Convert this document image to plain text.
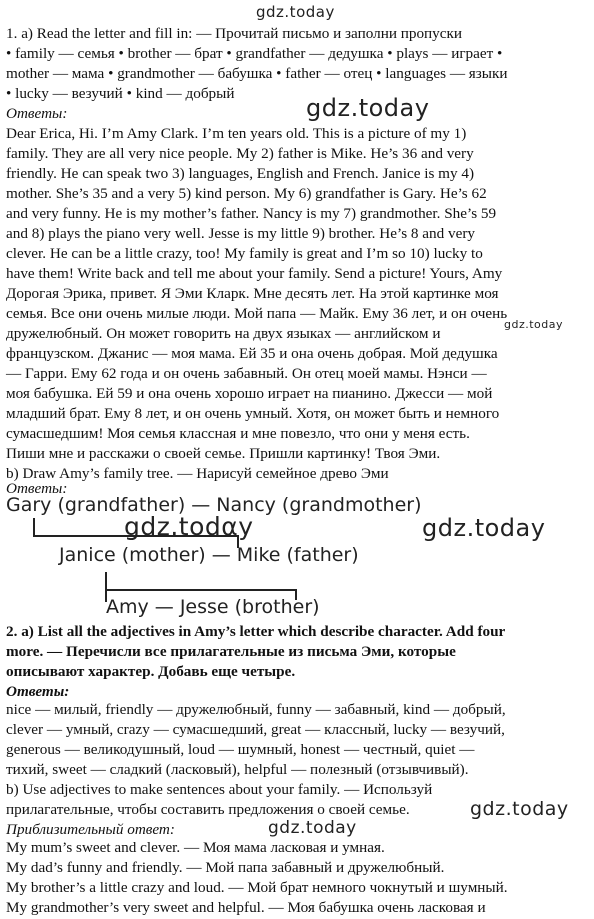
gdz.today
1. a) Read the letter and fill in: — Прочитай письмо и заполни пропуски
• family — семья • brother — брат • grandfather — дедушка • plays — играет •
mother — мама • grandmother — бабушка • father — отец • languages — языки
• lucky — везучий • kind — добрый
gdz.today
Ответы:
Dear Erica, Hi. I’m Amy Clark. I’m ten years old. This is a picture of my 1)
family. They are all very nice people. My 2) father is Mike. He’s 36 and very
friendly. He can speak two 3) languages, English and French. Janice is my 4)
mother. She’s 35 and a very 5) kind person. My 6) grandfather is Gary. He’s 62
and very funny. He is my mother’s father. Nancy is my 7) grandmother. She’s 59
and 8) plays the piano very well. Jesse is my little 9) brother. He’s 8 and very
clever. He can be a little crazy, too! My family is great and I’m so 10) lucky to
have them! Write back and tell me about your family. Send a picture! Yours, Amy
Дорогая Эрика, привет. Я Эми Кларк. Мне десять лет. На этой картинке моя
семья. Все они очень милые люди. Мой папа — Майк. Ему 36 лет, и он очень
дружелюбный. Он может говорить на двух языках — английском и
gdz.today
французском. Джанис — моя мама. Ей 35 и она очень добрая. Мой дедушка
— Гарри. Ему 62 года и он очень забавный. Он отец моей мамы. Нэнси —
моя бабушка. Ей 59 и она очень хорошо играет на пианино. Джесси — мой
младший брат. Ему 8 лет, и он очень умный. Хотя, он может быть и немного
сумасшедшим! Моя семья классная и мне повезло, что они у меня есть.
Пиши мне и расскажи о своей семье. Пришли картинку! Твоя Эми.
b) Draw Amy’s family tree. — Нарисуй семейное древо Эми
Ответы:
Gary (grandfather) — Nancy (grandmother)
gdz.todαy	gdz.today
Janice (mother) — Mike (father)
Amy — Jesse (brother)
2. a) List all the adjectives in Amy’s letter which describe character. Add four
more. — Перечисли все прилагательные из письма Эми, которые
описывают характер. Добавь еще четыре.
Ответы:
nice — милый, friendly — дружелюбный, funny — забавный, kind — добрый,
clever — умный, crazy — сумасшедший, great — классный, lucky — везучий,
generous — великодушный, loud — шумный, honest — честный, quiet —
тихий, sweet — сладкий (ласковый), helpful — полезный (отзывчивый).
b) Use adjectives to make sentences about your family. — Используй
прилагательные, чтобы составить предложения о своей семье.	gdz.today
Приблизительный ответ:	gdz.today
My mum’s sweet and clever. — Моя мама ласковая и умная.
My dad’s funny and friendly. — Мой папа забавный и дружелюбный.
My brother’s a little crazy and loud. — Мой брат немного чокнутый и шумный.
My grandmother’s very sweet and helpful. — Моя бабушка очень ласковая и
